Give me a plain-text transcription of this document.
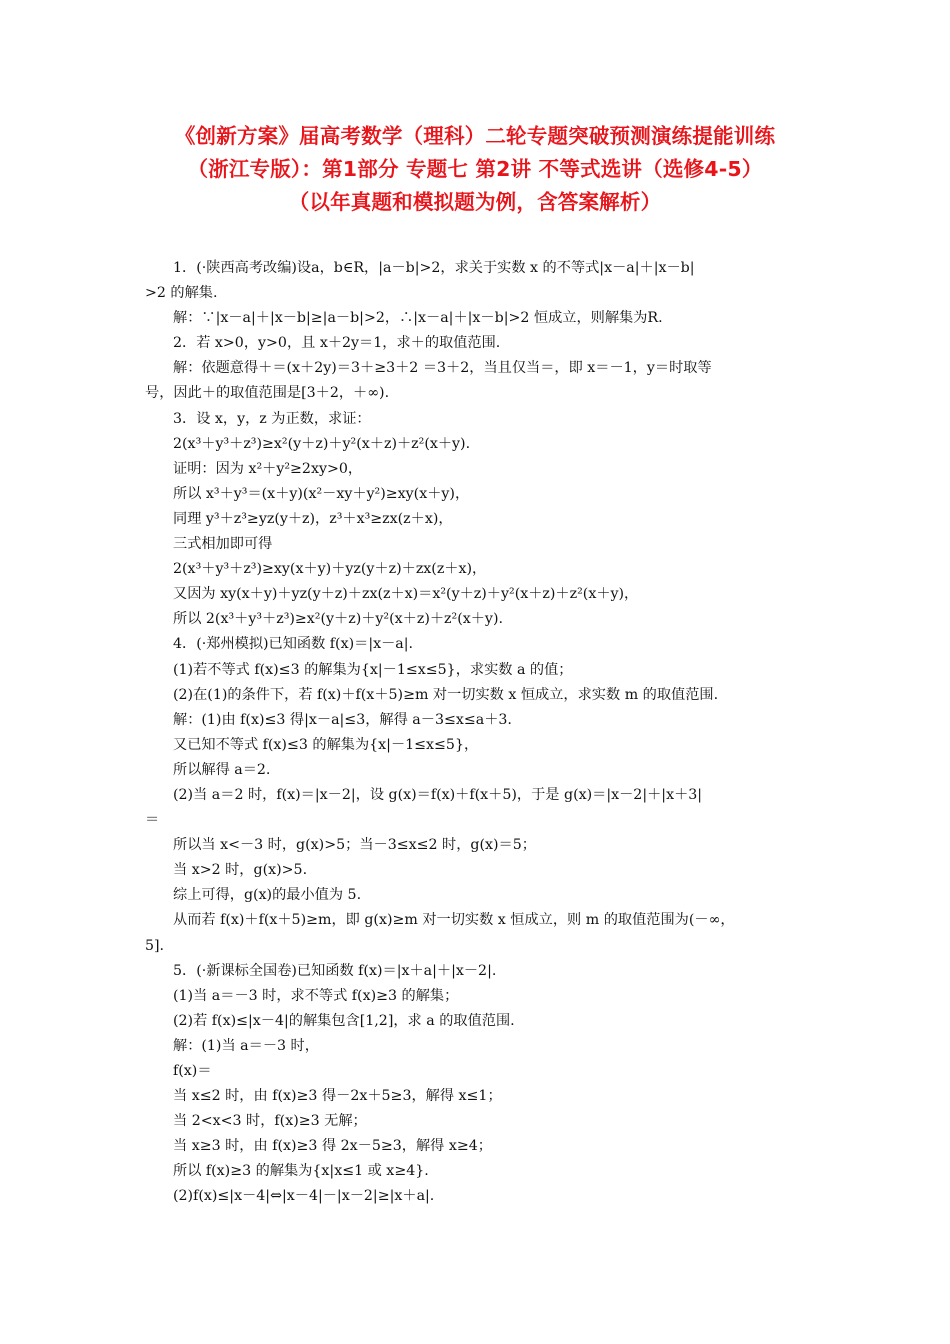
《创新方案》届高考数学（理科）二轮专题突破预测演练提能训练
（浙江专版）：第1部分 专题七 第2讲 不等式选讲（选修4-5）
（以年真题和模拟题为例，含答案解析）
1．(·陕西高考改编)设a，b∈R，|a－b|>2，求关于实数 x 的不等式|x－a|＋|x－b|
>2 的解集.
解：∵|x－a|＋|x－b|≥|a－b|>2，∴|x－a|＋|x－b|>2 恒成立，则解集为R.
2．若 x>0，y>0，且 x＋2y＝1，求＋的取值范围.
解：依题意得＋＝(x＋2y)＝3＋≥3＋2 ＝3＋2，当且仅当＝，即 x＝－1，y＝时取等
号，因此＋的取值范围是[3＋2，＋∞).
3．设 x，y，z 为正数，求证：
2(x³＋y³＋z³)≥x²(y＋z)＋y²(x＋z)＋z²(x＋y).
证明：因为 x²＋y²≥2xy>0，
所以 x³＋y³＝(x＋y)(x²－xy＋y²)≥xy(x＋y)，
同理 y³＋z³≥yz(y＋z)，z³＋x³≥zx(z＋x)，
三式相加即可得
2(x³＋y³＋z³)≥xy(x＋y)＋yz(y＋z)＋zx(z＋x)，
又因为 xy(x＋y)＋yz(y＋z)＋zx(z＋x)＝x²(y＋z)＋y²(x＋z)＋z²(x＋y)，
所以 2(x³＋y³＋z³)≥x²(y＋z)＋y²(x＋z)＋z²(x＋y).
4．(·郑州模拟)已知函数 f(x)＝|x－a|.
(1)若不等式 f(x)≤3 的解集为{x|－1≤x≤5}，求实数 a 的值；
(2)在(1)的条件下，若 f(x)＋f(x＋5)≥m 对一切实数 x 恒成立，求实数 m 的取值范围.
解：(1)由 f(x)≤3 得|x－a|≤3，解得 a－3≤x≤a＋3.
又已知不等式 f(x)≤3 的解集为{x|－1≤x≤5}，
所以解得 a＝2.
(2)当 a＝2 时，f(x)＝|x－2|，设 g(x)＝f(x)＋f(x＋5)，于是 g(x)＝|x－2|＋|x＋3|
＝
所以当 x<－3 时，g(x)>5；当－3≤x≤2 时，g(x)＝5；
当 x>2 时，g(x)>5.
综上可得，g(x)的最小值为 5.
从而若 f(x)＋f(x＋5)≥m，即 g(x)≥m 对一切实数 x 恒成立，则 m 的取值范围为(－∞，
5].
5．(·新课标全国卷)已知函数 f(x)＝|x＋a|＋|x－2|.
(1)当 a＝－3 时，求不等式 f(x)≥3 的解集；
(2)若 f(x)≤|x－4|的解集包含[1,2]，求 a 的取值范围.
解：(1)当 a＝－3 时，
f(x)＝
当 x≤2 时，由 f(x)≥3 得－2x＋5≥3，解得 x≤1；
当 2<x<3 时，f(x)≥3 无解；
当 x≥3 时，由 f(x)≥3 得 2x－5≥3，解得 x≥4；
所以 f(x)≥3 的解集为{x|x≤1 或 x≥4}.
(2)f(x)≤|x－4|⇔|x－4|－|x－2|≥|x＋a|.
